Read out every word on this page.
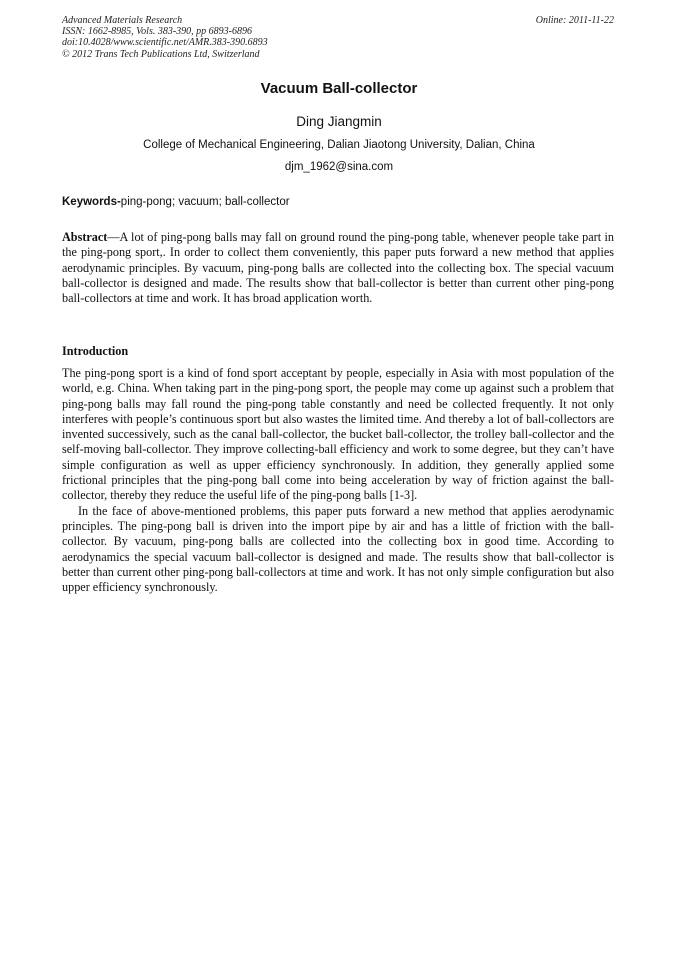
Advanced Materials Research
ISSN: 1662-8985, Vols. 383-390, pp 6893-6896
doi:10.4028/www.scientific.net/AMR.383-390.6893
© 2012 Trans Tech Publications Ltd, Switzerland
Online: 2011-11-22
Vacuum Ball-collector
Ding Jiangmin
College of Mechanical Engineering, Dalian Jiaotong University, Dalian, China
djm_1962@sina.com
Keywords-ping-pong; vacuum; ball-collector

Abstract—A lot of ping-pong balls may fall on ground round the ping-pong table, whenever people take part in the ping-pong sport,. In order to collect them conveniently, this paper puts forward a new method that applies aerodynamic principles. By vacuum, ping-pong balls are collected into the collecting box. The special vacuum ball-collector is designed and made. The results show that ball-collector is better than current other ping-pong ball-collectors at time and work. It has broad application worth.

Introduction

The ping-pong sport is a kind of fond sport acceptant by people, especially in Asia with most population of the world, e.g. China. When taking part in the ping-pong sport, the people may come up against such a problem that ping-pong balls may fall round the ping-pong table constantly and need be collected frequently. It not only interferes with people’s continuous sport but also wastes the limited time. And thereby a lot of ball-collectors are invented successively, such as the canal ball-collector, the bucket ball-collector, the trolley ball-collector and the self-moving ball-collector. They improve collecting-ball efficiency and work to some degree, but they can’t have simple configuration as well as upper efficiency synchronously. In addition, they generally applied some frictional principles that the ping-pong ball come into being acceleration by way of friction against the ball-collector, thereby they reduce the useful life of the ping-pong balls [1-3].

In the face of above-mentioned problems, this paper puts forward a new method that applies aerodynamic principles. The ping-pong ball is driven into the import pipe by air and has a little of friction with the ball-collector. By vacuum, ping-pong balls are collected into the collecting box in good time. According to aerodynamics the special vacuum ball-collector is designed and made. The results show that ball-collector is better than current other ping-pong ball-collectors at time and work. It has not only simple configuration but also upper efficiency synchronously.
